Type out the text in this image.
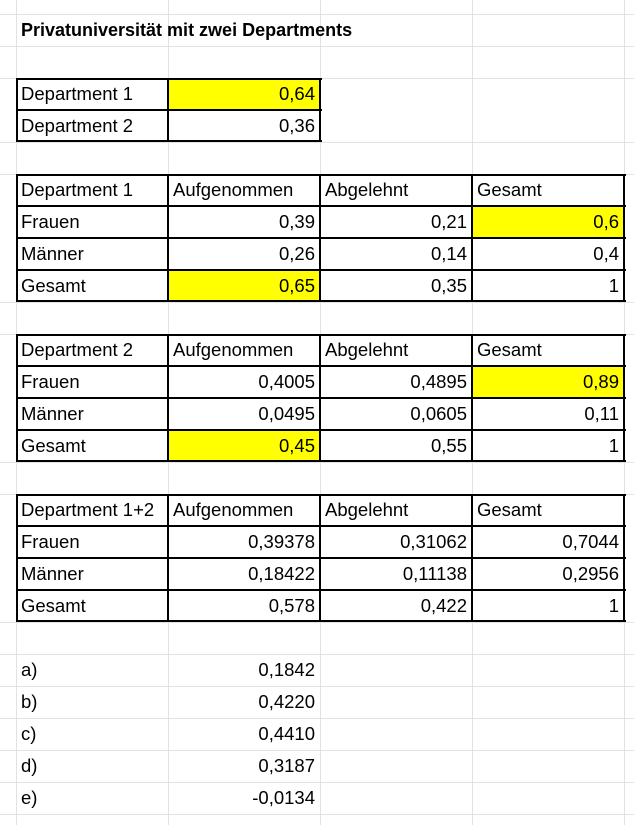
Privatuniversität mit zwei Departments
Department 1	0,64
Department 2	0,36
Department 1	Aufgenommen	Abgelehnt	Gesamt
Frauen	0,39	0,21	0,6
Männer	0,26	0,14	0,4
Gesamt	0,65	0,35	1
Department 2	Aufgenommen	Abgelehnt	Gesamt
Frauen	0,4005	0,4895	0,89
Männer	0,0495	0,0605	0,11
Gesamt	0,45	0,55	1
Department 1+2	Aufgenommen	Abgelehnt	Gesamt
Frauen	0,39378	0,31062	0,7044
Männer	0,18422	0,11138	0,2956
Gesamt	0,578	0,422	1
a)	0,1842
b)	0,4220
c)	0,4410
d)	0,3187
e)	-0,0134
